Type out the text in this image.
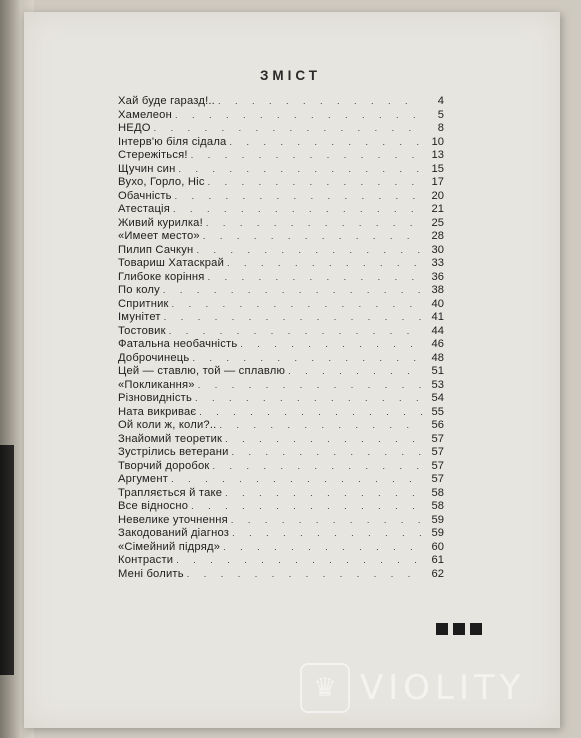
ЗМІСТ
Хай буде гаразд!.. . . .	4
Хамелеон . . .	5
НЕДО . . .	8
Інтерв'ю біля сідала . . .	10
Стережіться! . . .	13
Щучин син . . .	15
Вухо, Горло, Ніс . . .	17
Обачність . . .	20
Атестація . . .	21
Живий курилка! . . .	25
«Имеет место» . . .	28
Пилип Сачкун . . .	30
Товариш Хатаскрай . . .	33
Глибоке коріння . . .	36
По колу . . .	38
Спритник . . .	40
Імунітет . . .	41
Тостовик . . .	44
Фатальна необачність . . .	46
Доброчинець . . .	48
Цей — ставлю, той — сплавлю . . .	51
«Покликання» . . .	53
Різновидність . . .	54
Ната викриває . . .	55
Ой коли ж, коли?.. . . .	56
Знайомий теоретик . . .	57
Зустрілись ветерани . . .	57
Творчий доробок . . .	57
Аргумент . . .	57
Трапляється й таке . . .	58
Все відносно . . .	58
Невелике уточнення . . .	59
Закодований діагноз . . .	59
«Сімейний підряд» . . .	60
Контрасти . . .	61
Мені болить . . .	62
♛ VIOLITY
